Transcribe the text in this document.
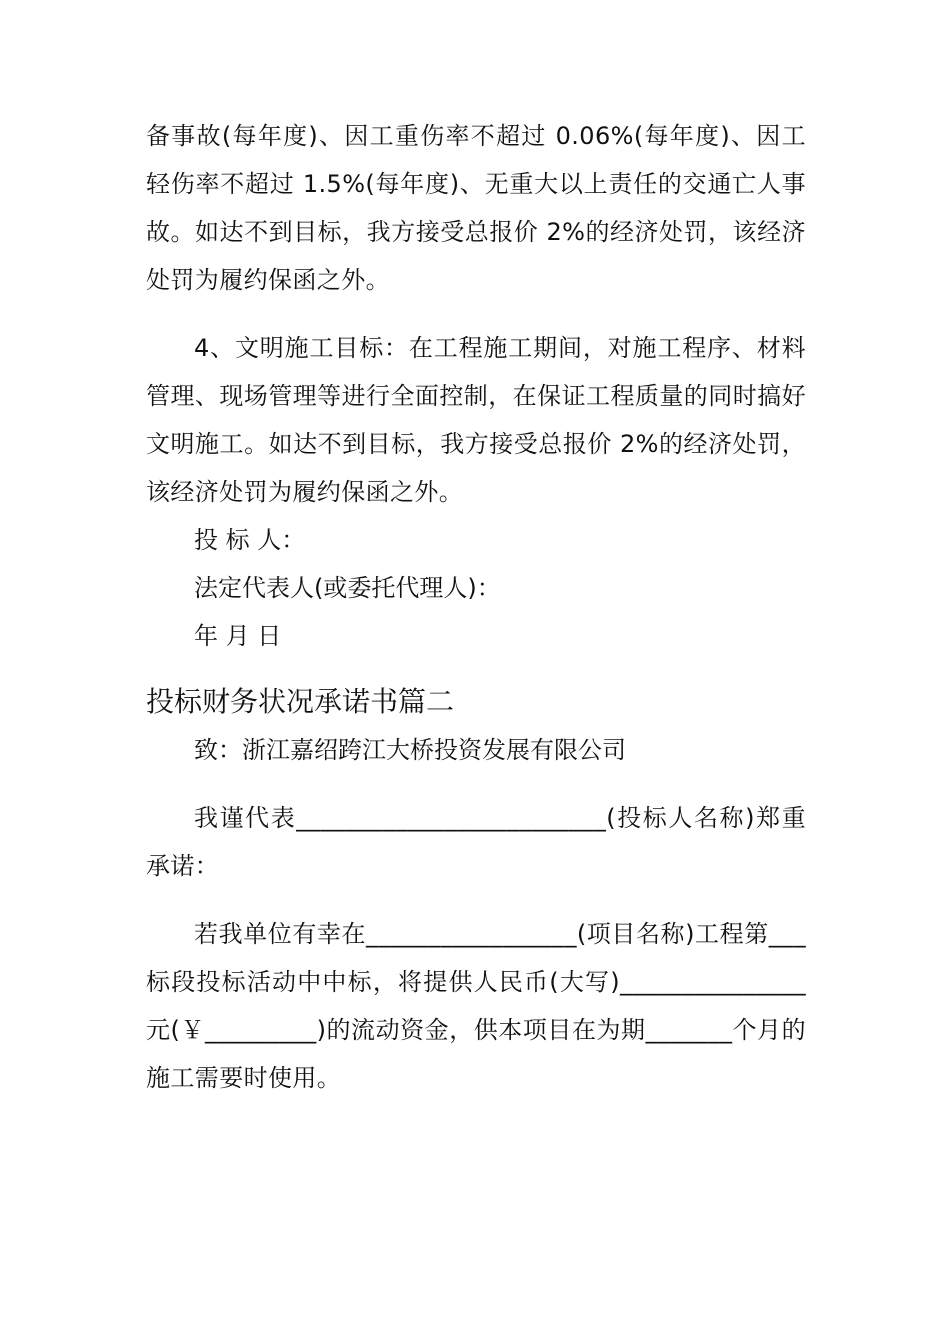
备事故(每年度)、因工重伤率不超过 0.06%(每年度)、因工轻伤率不超过 1.5%(每年度)、无重大以上责任的交通亡人事故。如达不到目标，我方接受总报价 2%的经济处罚，该经济处罚为履约保函之外。

4、文明施工目标：在工程施工期间，对施工程序、材料管理、现场管理等进行全面控制，在保证工程质量的同时搞好文明施工。如达不到目标，我方接受总报价 2%的经济处罚，该经济处罚为履约保函之外。

投 标 人：

法定代表人(或委托代理人)：

年 月 日

投标财务状况承诺书篇二

致：浙江嘉绍跨江大桥投资发展有限公司

我谨代表_________________________(投标人名称)郑重承诺：

若我单位有幸在_________________(项目名称)工程第___标段投标活动中中标，将提供人民币(大写)_______________元(￥_________)的流动资金，供本项目在为期_______个月的施工需要时使用。
